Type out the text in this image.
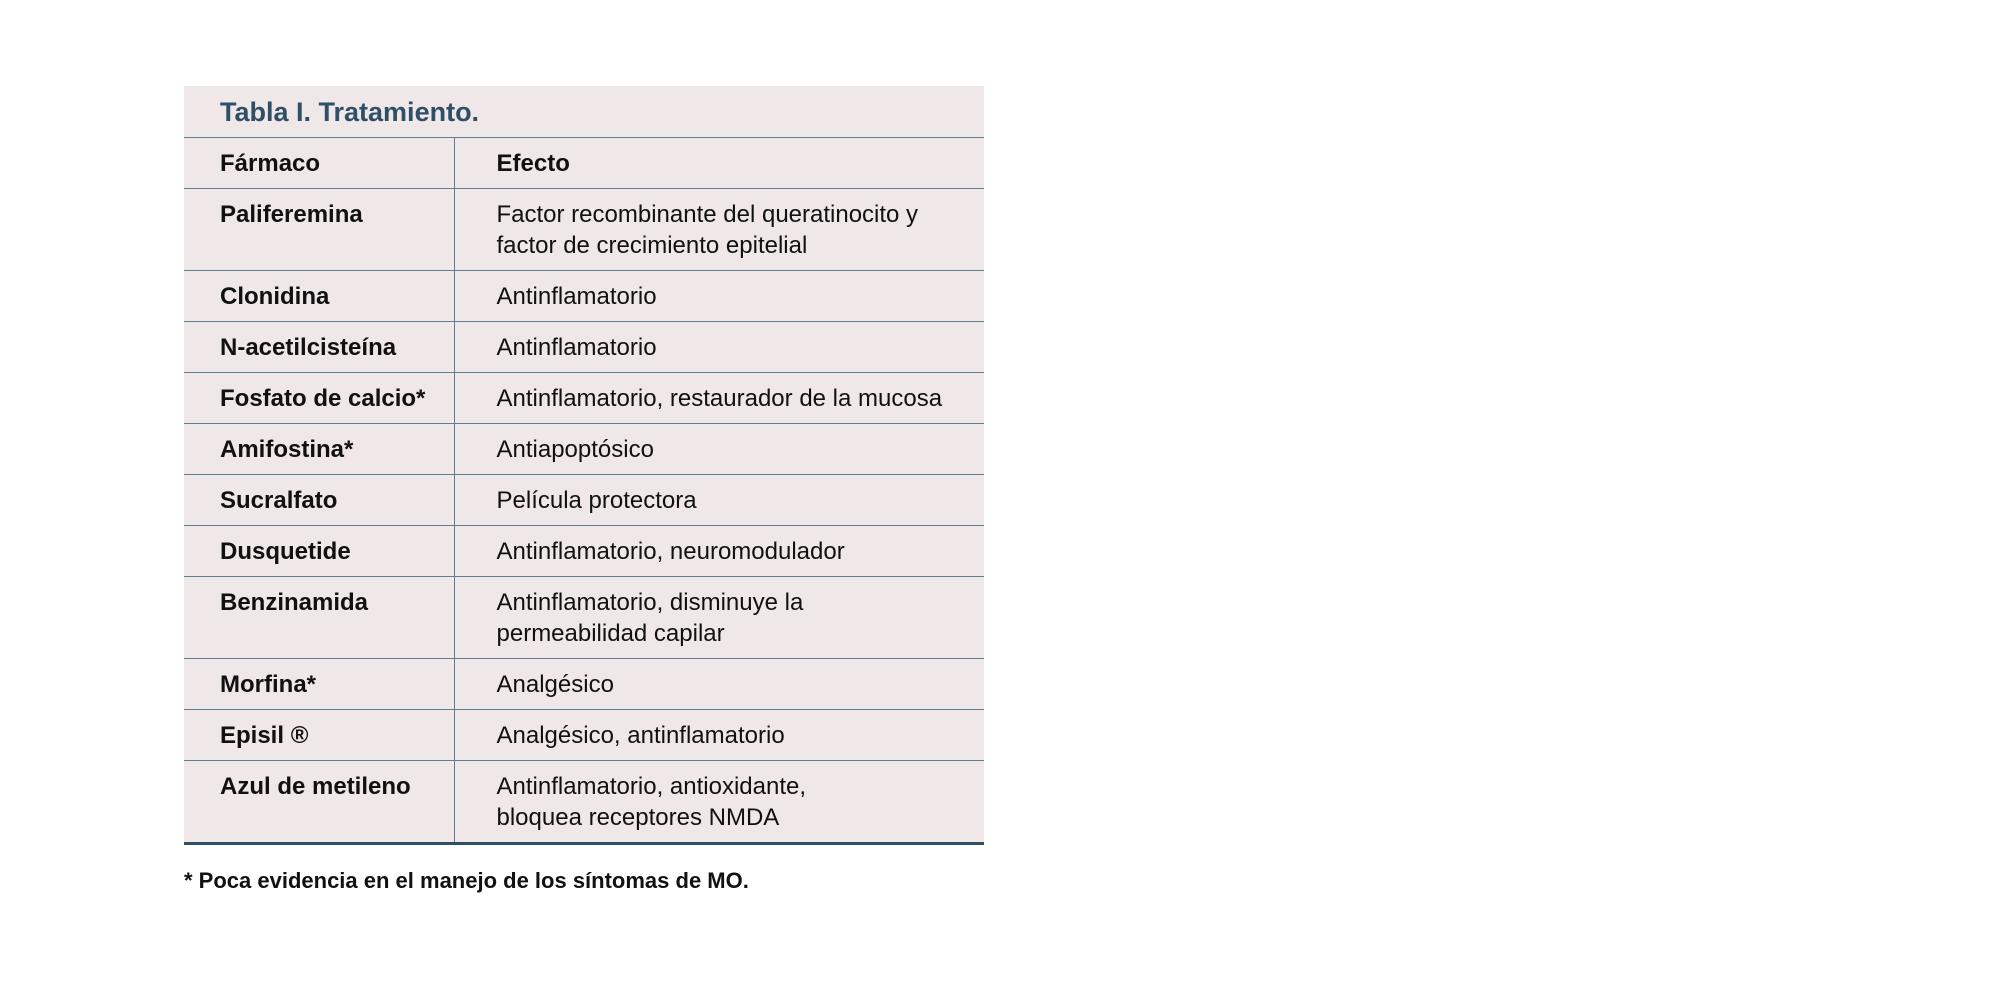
Tabla I. Tratamiento.
Fármaco	Efecto
Paliferemina	Factor recombinante del queratinocito y
factor de crecimiento epitelial
Clonidina	Antinflamatorio
N-acetilcisteína	Antinflamatorio
Fosfato de calcio*	Antinflamatorio, restaurador de la mucosa
Amifostina*	Antiapoptósico
Sucralfato	Película protectora
Dusquetide	Antinflamatorio, neuromodulador
Benzinamida	Antinflamatorio, disminuye la
permeabilidad capilar
Morfina*	Analgésico
Episil ®	Analgésico, antinflamatorio
Azul de metileno	Antinflamatorio, antioxidante,
bloquea receptores NMDA
* Poca evidencia en el manejo de los síntomas de MO.
